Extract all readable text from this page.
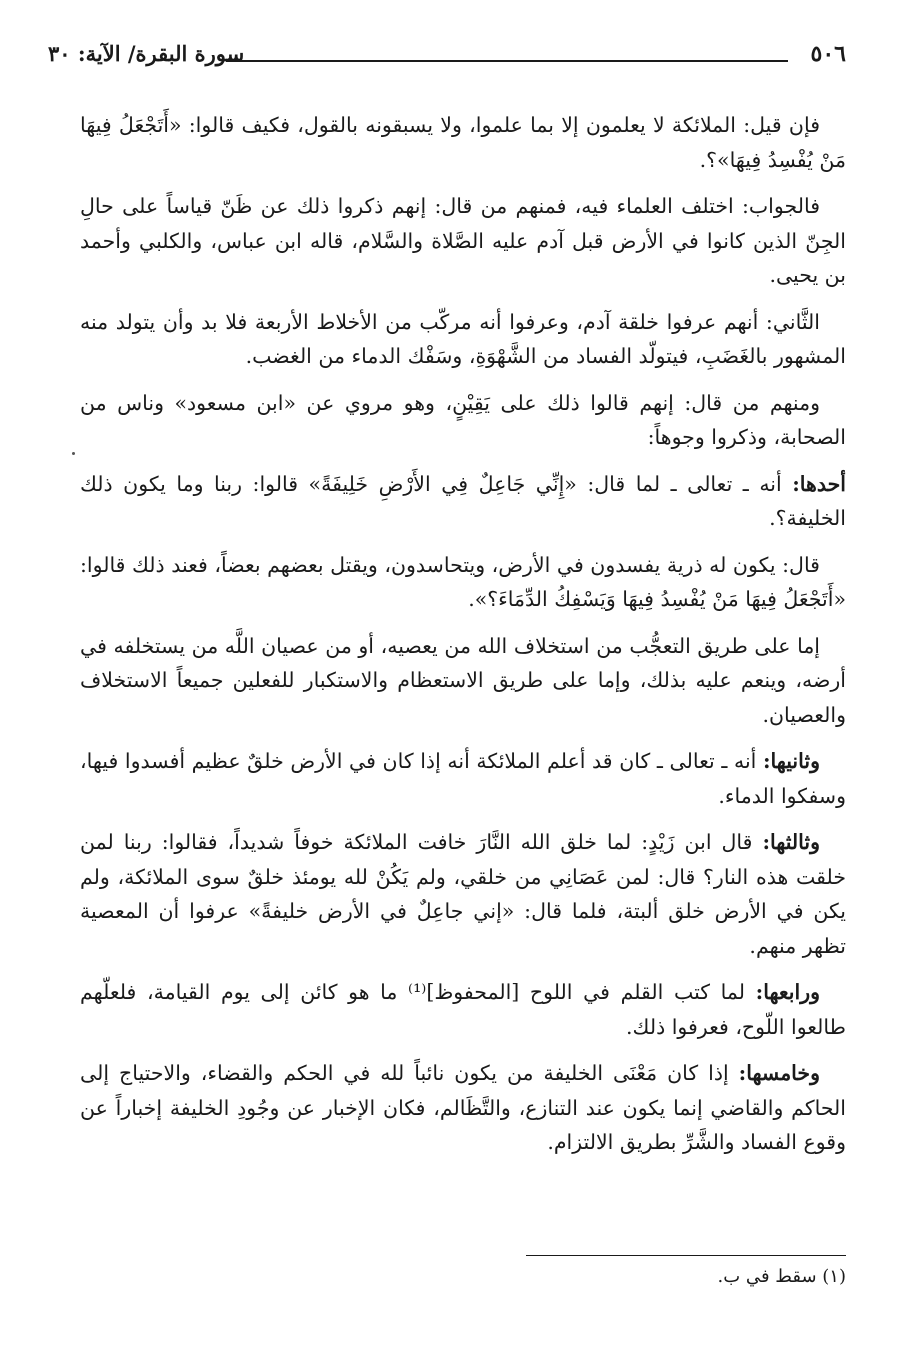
٥٠٦
سورة البقرة/ الآية: ٣٠

فإن قيل: الملائكة لا يعلمون إلا بما علموا، ولا يسبقونه بالقول، فكيف قالوا: «أَتَجْعَلُ فِيهَا مَنْ يُفْسِدُ فِيهَا»؟.

فالجواب: اختلف العلماء فيه، فمنهم من قال: إنهم ذكروا ذلك عن ظَنّ قياساً على حالِ الجِنّ الذين كانوا في الأرض قبل آدم عليه الصَّلاة والسَّلام، قاله ابن عباس، والكلبي وأحمد بن يحيى.

الثَّاني: أنهم عرفوا خلقة آدم، وعرفوا أنه مركّب من الأخلاط الأربعة فلا بد وأن يتولد منه المشهور بالغَضَبِ، فيتولّد الفساد من الشَّهْوَةِ، وسَفْك الدماء من الغضب.

ومنهم من قال: إنهم قالوا ذلك على يَقِيْنٍ، وهو مروي عن «ابن مسعود» وناس من الصحابة، وذكروا وجوهاً:

أحدها: أنه ـ تعالى ـ لما قال: «إِنِّي جَاعِلٌ فِي الأَرْضِ خَلِيفَةً» قالوا: ربنا وما يكون ذلك الخليفة؟.

قال: يكون له ذرية يفسدون في الأرض، ويتحاسدون، ويقتل بعضهم بعضاً، فعند ذلك قالوا: «أَتَجْعَلُ فِيهَا مَنْ يُفْسِدُ فِيهَا وَيَسْفِكُ الدِّمَاءَ؟».

إما على طريق التعجُّب من استخلاف الله من يعصيه، أو من عصيان اللَّه من يستخلفه في أرضه، وينعم عليه بذلك، وإما على طريق الاستعظام والاستكبار للفعلين جميعاً الاستخلاف والعصيان.

وثانيها: أنه ـ تعالى ـ كان قد أعلم الملائكة أنه إذا كان في الأرض خلقٌ عظيم أفسدوا فيها، وسفكوا الدماء.

وثالثها: قال ابن زَيْدٍ: لما خلق الله النَّارَ خافت الملائكة خوفاً شديداً، فقالوا: ربنا لمن خلقت هذه النار؟ قال: لمن عَصَانِي من خلقي، ولم يَكُنْ لله يومئذ خلقٌ سوى الملائكة، ولم يكن في الأرض خلق ألبتة، فلما قال: «إني جاعِلٌ في الأرض خليفةً» عرفوا أن المعصية تظهر منهم.

ورابعها: لما كتب القلم في اللوح [المحفوظ]⁽¹⁾ ما هو كائن إلى يوم القيامة، فلعلّهم طالعوا اللّوح، فعرفوا ذلك.

وخامسها: إذا كان مَعْنَى الخليفة من يكون نائباً لله في الحكم والقضاء، والاحتياج إلى الحاكم والقاضي إنما يكون عند التنازع، والتَّظَالم، فكان الإخبار عن وجُودِ الخليفة إخباراً عن وقوع الفساد والشَّرِّ بطريق الالتزام.

(١) سقط في ب.
